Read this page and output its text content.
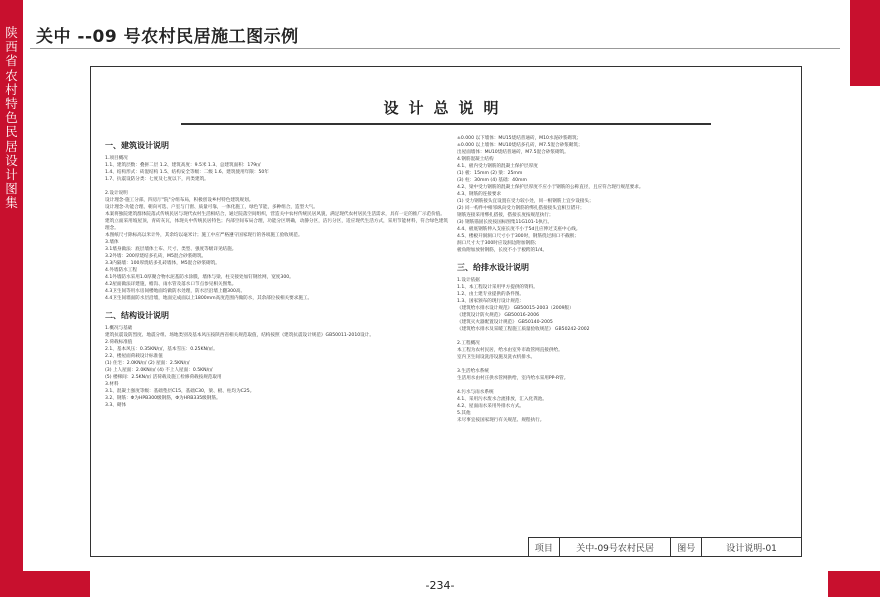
陕西省农村特色民居设计图集
关中 --09 号农村民居施工图示例
设计总说明
一、建筑设计说明
1.项目概况
1.1、建筑层数：叠拼二层 1.2、建筑高度：9.5米 1.3、总建筑面积：179㎡
1.4、结构形式：砖混结构 1.5、结构安全等级：二级 1.6、建筑使用年限：50年
1.7、抗震设防分类：七度及七度以下，丙类建筑。

2.设计说明
设计理念-施工分部，四房厅"院"分组布局，积极创设乡村特色建筑规划。
设计理念-功能合理、朝向可选、户室与门窗、质量可靠，一体化施工，绿色节能，多种组合，造型大气。
本案将独院建筑群体院落式传统民居与现代农村生活相结合，通过院落空间组织，营造关中农村传统民居风貌，满足现代农村居民生活需求，具有一定的推广示范价值。
建筑立面采用坡屋顶，青砖灰瓦，体现关中传统民居特色；内部空间布局合理，功能分区明确，动静分区，洁污分区，适应现代生活方式，采用节能材料，符合绿色建筑理念。
本图纸尺寸除标高以米计外，其余均以毫米计；施工中应严格遵守国家现行的各项施工验收规范。
3.墙体
3.1墙身做法：底层墙体土布、尺寸、类型、强度等级详见结施。
3.2外墙：200厚烧结多孔砖，M5混合砂浆砌筑。
3.3内隔墙：100厚烧结多孔砖墙体，M5混合砂浆砌筑。
4.外墙防水工程
4.1外墙防水采用1.0厚聚合物水泥基防水涂膜，墙体与梁、柱交接处加钉钢丝网，宽度300。
4.2屋面做法详建施，檐沟、雨水管及落水口节点参见相关图集。
4.3卫生间等用水房间楼地面均做防水处理，防水层沿墙上翻300高。
4.4卫生间墙面防水层沿墙，地面完成面以上1800mm高度范围内做防水，其余部位按相关要求施工。
二、结构设计说明
1.概况与基础
建筑抗震设防烈度、地震分组、场地类别及基本风压按陕西省相关规范取值，结构按照《建筑抗震设计规范》GB50011-2010设计。
2.荷载标准值
2.1、基本风压：0.35KN/㎡，基本雪压：0.25KN/㎡。
2.2、楼屋面荷载设计标准值
(1) 住宅：2.0KN/㎡ (2) 屋面：2.5KN/㎡
(3) 上人屋面：2.0KN/㎡ (4) 不上人屋面：0.5KN/㎡
(5) 楼梯间：2.5KN/㎡ 活荷载及施工检修荷载按规范取用
3.材料
3.1、混凝土强度等级：基础垫层C15，基础C30，梁、板、柱均为C25。
3.2、钢筋：Φ为HPB300级钢筋，Φ为HRB335级钢筋。
3.3、砌体
±0.000 以下墙体：MU15烧结普通砖，M10水泥砂浆砌筑；
±0.000 以上墙体：MU10烧结多孔砖，M7.5混合砂浆砌筑；
出屋面墙体：MU10烧结普通砖，M7.5混合砂浆砌筑。
4.钢筋混凝土结构
4.1、板内受力钢筋的混凝土保护层厚度
(1) 板：15mm (2) 梁：25mm
(3) 柱：30mm (4) 基础：40mm
4.2、梁中受力钢筋的混凝土保护层厚度不应小于钢筋的公称直径，且应符合现行规范要求。
4.3、钢筋的连接要求
(1) 受力钢筋接头宜设置在受力较小处，同一根钢筋上宜少设接头；
(2) 同一构件中相邻纵向受力钢筋的绑扎搭接接头宜相互错开；
钢筋连接采用绑扎搭接，搭接长度按规范执行；
(3) 钢筋锚固长度按国标图集11G101-1执行。
4.4、板底钢筋伸入支座长度不小于5d且应伸过支座中心线。
4.5、楼板开洞洞口尺寸小于300时，钢筋绕过洞口不截断；
洞口尺寸大于300时应设洞边附加钢筋；
板角附加放射钢筋，长度不小于板跨的1/4。
三、给排水设计说明
1.设计依据
1.1、本工程设计采用甲方提供的资料。
1.2、由土建专业提供的条件图。
1.3、国家颁布的现行设计规范：
《建筑给水排水设计规范》 GB50015-2003（2009版）
《建筑设计防火规范》 GB50016-2006
《建筑灭火器配置设计规范》 GB50140-2005
《建筑给水排水及采暖工程施工质量验收规范》 GB50242-2002

2.工程概况
本工程为农村民居，给水由室外市政管网直接供给。
室内卫生间设洗浴设施及洗衣机排水。

3.生活给水系统
生活用水由村庄供水管网供给，室内给水采用PP-R管。

4.污水与雨水系统
4.1、采用污水废水合流排放，汇入化粪池。
4.2、屋面雨水采用外排水方式。
5.其他
未尽事宜按国家现行有关规范、规程执行。
项目	关中-09号农村民居	图号	设计说明-01
-234-
